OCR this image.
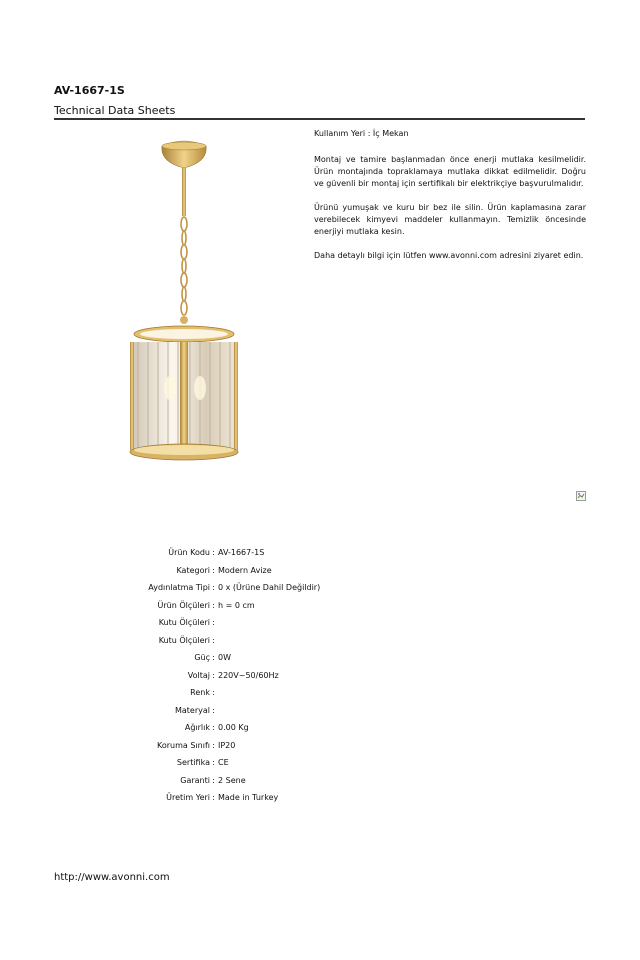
AV-1667-1S
Technical Data Sheets

Kullanım Yeri : İç Mekan

Montaj ve tamire başlanmadan önce enerji mutlaka kesilmelidir. Ürün montajında topraklamaya mutlaka dikkat edilmelidir. Doğru ve güvenli bir montaj için sertifikalı bir elektrikçiye başvurulmalıdır.

Ürünü yumuşak ve kuru bir bez ile silin. Ürün kaplamasına zarar verebilecek kimyevi maddeler kullanmayın. Temizlik öncesinde enerjiyi mutlaka kesin.

Daha detaylı bilgi için lütfen www.avonni.com adresini ziyaret edin.

Ürün Kodu : AV-1667-1S
Kategori : Modern Avize
Aydınlatma Tipi : 0 x (Ürüne Dahil Değildir)
Ürün Ölçüleri : h = 0 cm
Kutu Ölçüleri :
Kutu Ölçüleri :
Güç : 0W
Voltaj : 220V~50/60Hz
Renk :
Materyal :
Ağırlık : 0.00 Kg
Koruma Sınıfı : IP20
Sertifika : CE
Garanti : 2 Sene
Üretim Yeri : Made in Turkey
http://www.avonni.com
